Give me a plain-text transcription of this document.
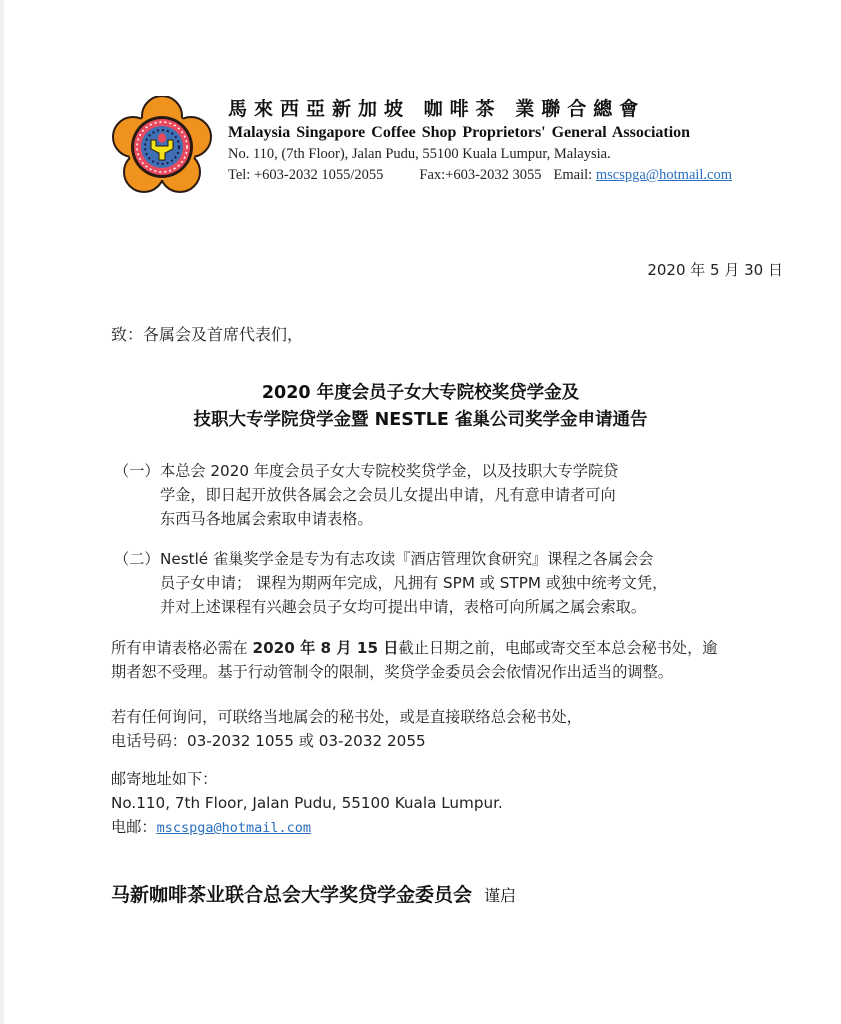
馬來西亞新加坡 咖啡茶 業聯合總會
Malaysia Singapore Coffee Shop Proprietors' General Association
No. 110, (7th Floor), Jalan Pudu, 55100 Kuala Lumpur, Malaysia.
Tel: +603-2032 1055/2055 Fax:+603-2032 3055 Email: mscspga@hotmail.com
2020 年 5 月 30 日
致：各属会及首席代表们，
2020 年度会员子女大专院校奖贷学金及
技职大专学院贷学金暨 NESTLE 雀巢公司奖学金申请通告
（一） 本总会 2020 年度会员子女大专院校奖贷学金，以及技职大专学院贷
学金，即日起开放供各属会之会员儿女提出申请，凡有意申请者可向
东西马各地属会索取申请表格。
（二） Nestlé 雀巢奖学金是专为有志攻读『酒店管理饮食研究』课程之各属会会
员子女申请； 课程为期两年完成，凡拥有 SPM 或 STPM 或独中统考文凭，
并对上述课程有兴趣会员子女均可提出申请，表格可向所属之属会索取。
所有申请表格必需在 2020 年 8 月 15 日截止日期之前，电邮或寄交至本总会秘书处，逾
期者恕不受理。基于行动管制令的限制，奖贷学金委员会会依情况作出适当的调整。
若有任何询问，可联络当地属会的秘书处，或是直接联络总会秘书处，
电话号码：03-2032 1055 或 03-2032 2055
邮寄地址如下：
No.110, 7th Floor, Jalan Pudu, 55100 Kuala Lumpur.
电邮：mscspga@hotmail.com
马新咖啡茶业联合总会大学奖贷学金委员会 谨启
